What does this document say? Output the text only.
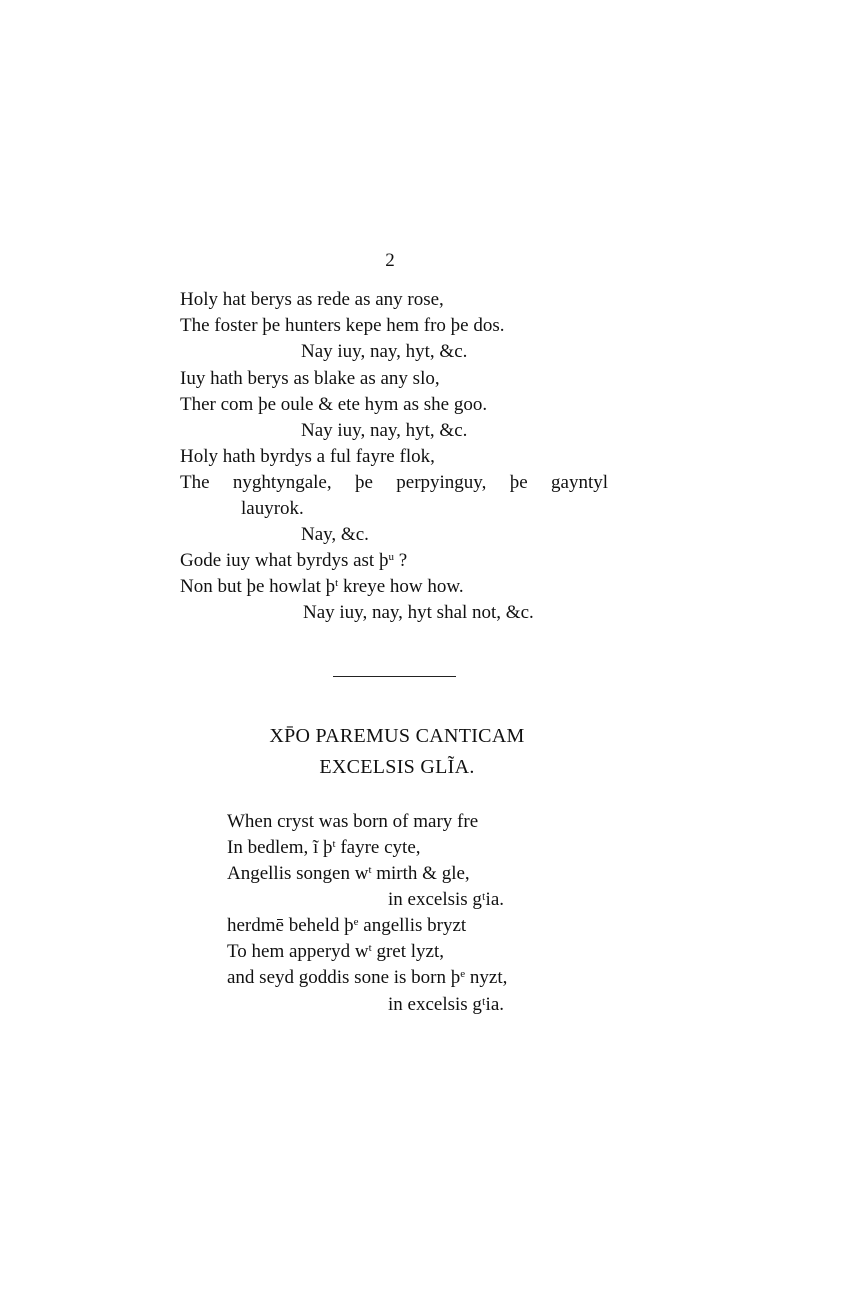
2
Holy hat berys as rede as any rose,
The foster þe hunters kepe hem fro þe dos.
Nay iuy, nay, hyt, &c.
Iuy hath berys as blake as any slo,
Ther com þe oule & ete hym as she goo.
Nay iuy, nay, hyt, &c.
Holy hath byrdys a ful fayre flok,
The nyghtyngale, þe perpyinguy, þe gayntyl
lauyrok.
Nay, &c.
Gode iuy what byrdys ast $þ^u$ ?
Non but þe howlat $þ^t$ kreye how how.
Nay iuy, nay, hyt shal not, &c.
XP̄O PAREMUS CANTICAM
EXCELSIS GLĨA.
When cryst was born of mary fre
In bedlem, ĩ $þ^t$ fayre cyte,
Angellis songen $w^t$ mirth & gle,
in excelsis gᵗia.
herdmē beheld $þ^e$ angellis bryzt
To hem apperyd $w^t$ gret lyzt,
and seyd goddis sone is born $þ^e$ nyzt,
in excelsis gᵗia.
